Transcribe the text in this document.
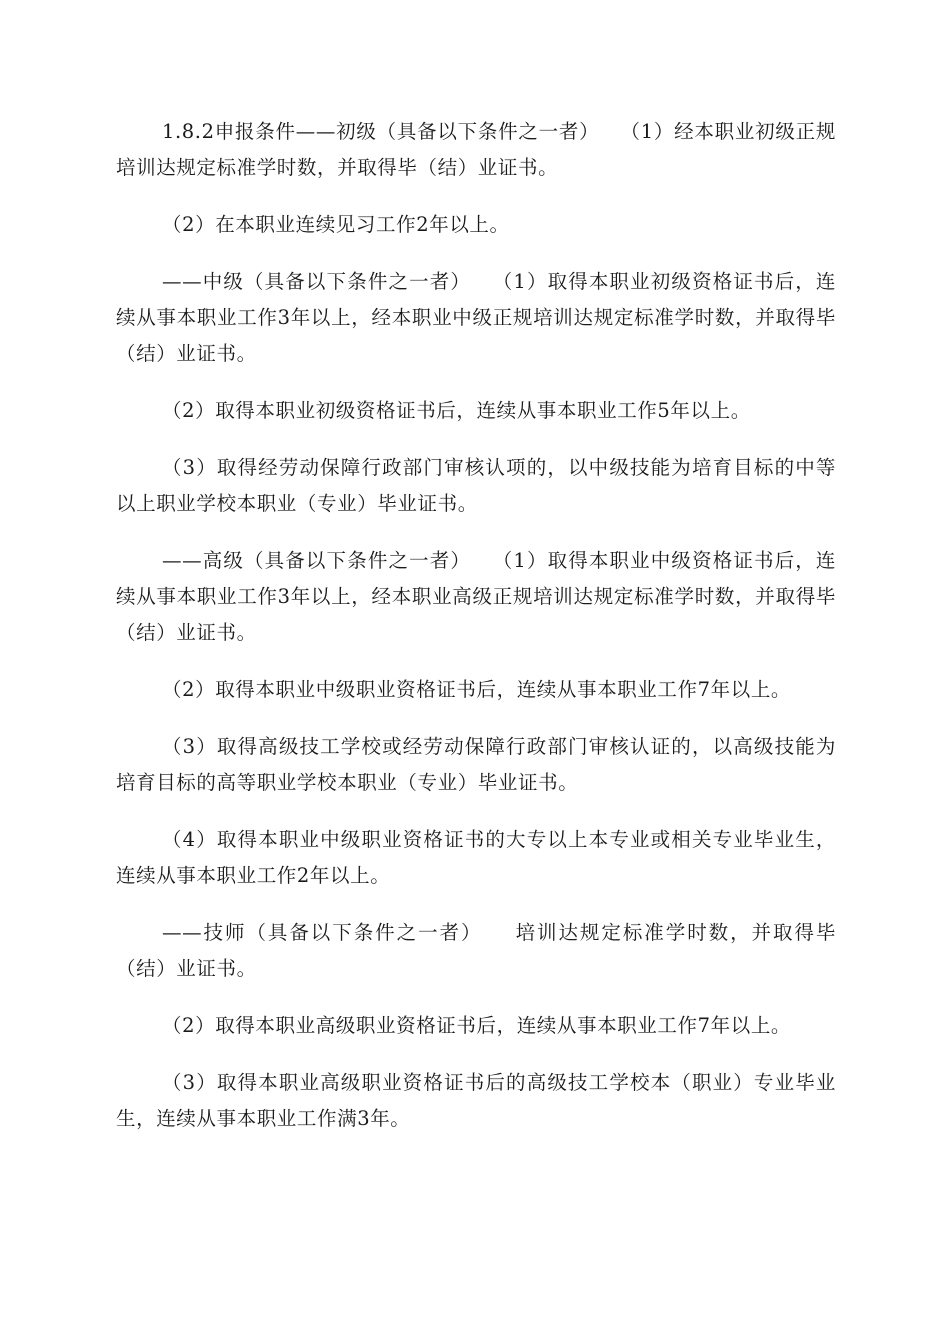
1.8.2申报条件——初级（具备以下条件之一者）　　（1）经本职业初级正规培训达规定标准学时数，并取得毕（结）业证书。

（2）在本职业连续见习工作2年以上。

——中级（具备以下条件之一者）　　（1）取得本职业初级资格证书后，连续从事本职业工作3年以上，经本职业中级正规培训达规定标准学时数，并取得毕（结）业证书。

（2）取得本职业初级资格证书后，连续从事本职业工作5年以上。

（3）取得经劳动保障行政部门审核认项的，以中级技能为培育目标的中等以上职业学校本职业（专业）毕业证书。

——高级（具备以下条件之一者）　　（1）取得本职业中级资格证书后，连续从事本职业工作3年以上，经本职业高级正规培训达规定标准学时数，并取得毕（结）业证书。

（2）取得本职业中级职业资格证书后，连续从事本职业工作7年以上。

（3）取得高级技工学校或经劳动保障行政部门审核认证的，以高级技能为培育目标的高等职业学校本职业（专业）毕业证书。

（4）取得本职业中级职业资格证书的大专以上本专业或相关专业毕业生，连续从事本职业工作2年以上。

——技师（具备以下条件之一者）　　培训达规定标准学时数，并取得毕（结）业证书。

（2）取得本职业高级职业资格证书后，连续从事本职业工作7年以上。

（3）取得本职业高级职业资格证书后的高级技工学校本（职业）专业毕业生，连续从事本职业工作满3年。
